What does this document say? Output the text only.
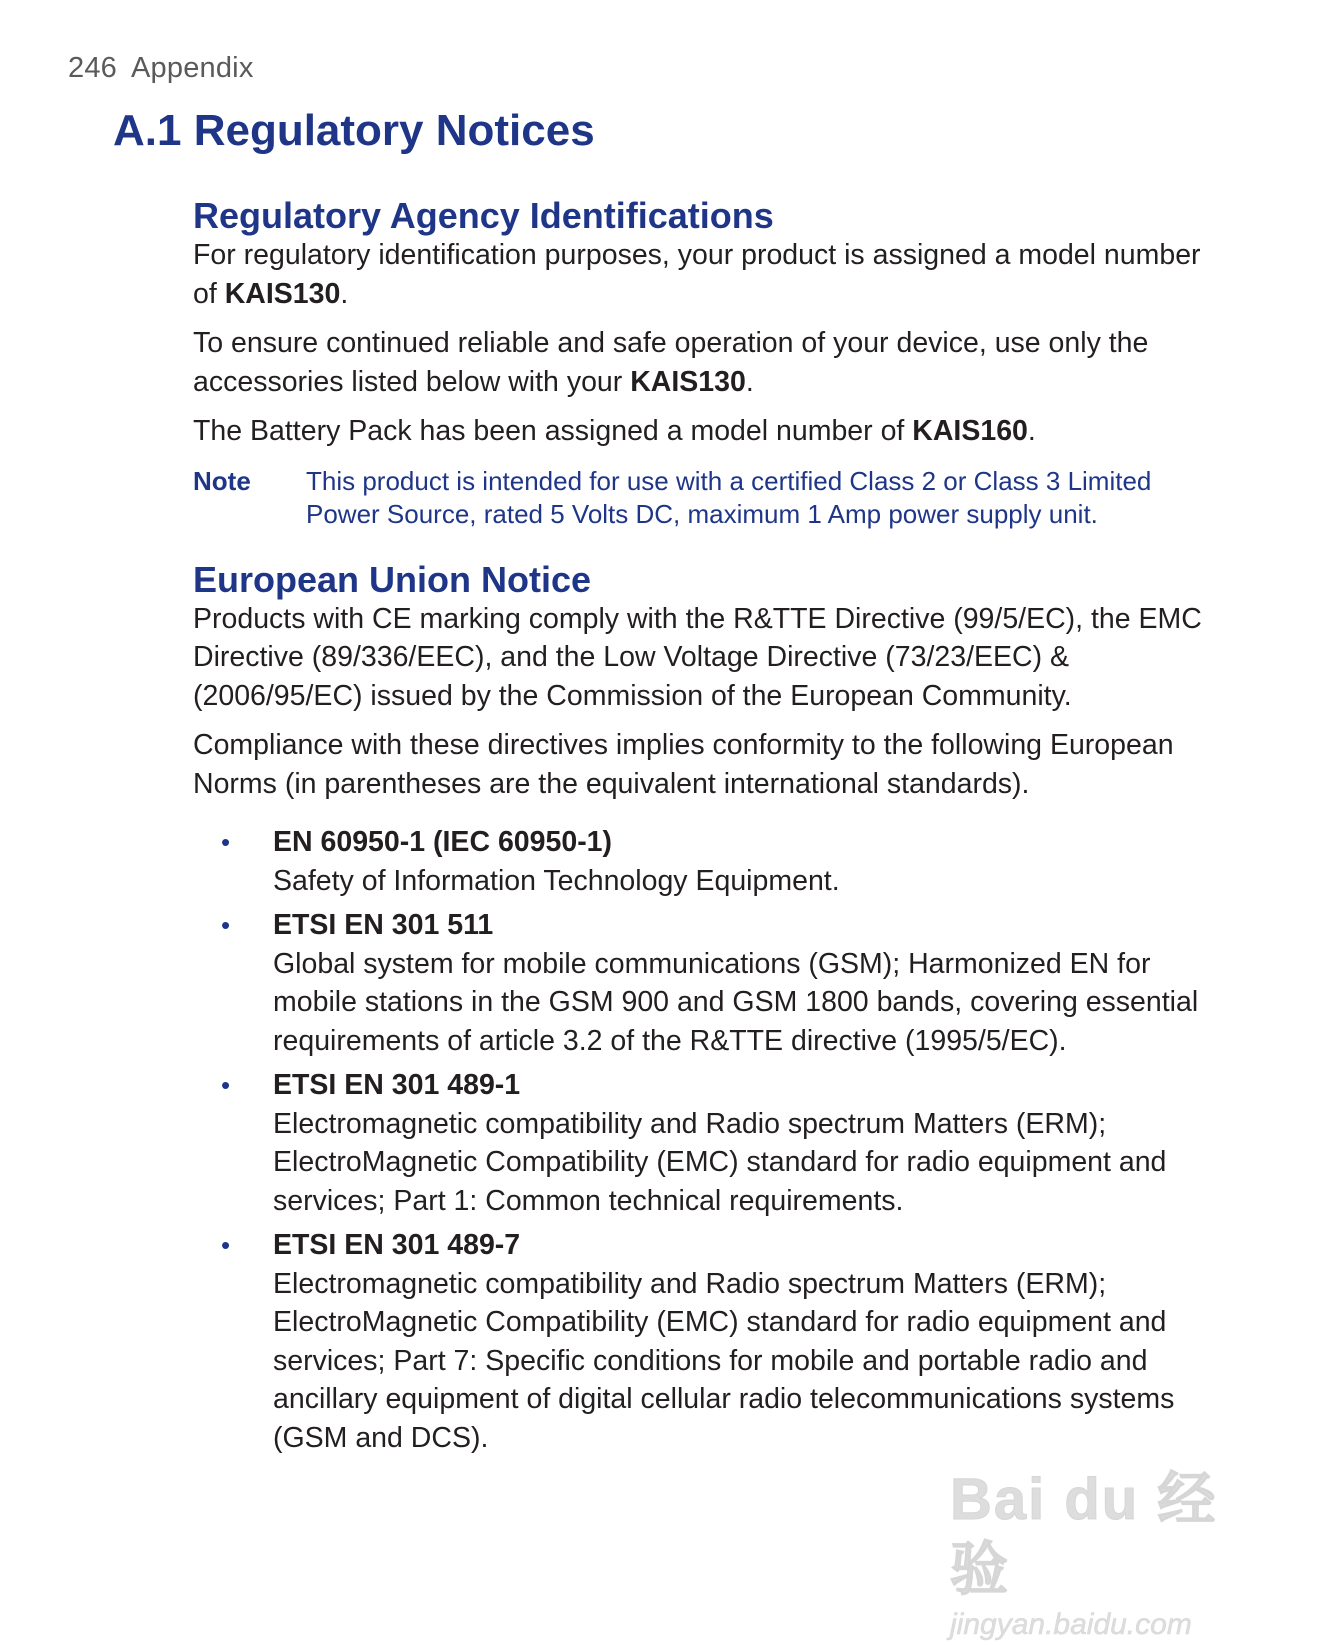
246 Appendix
A.1 Regulatory Notices
Regulatory Agency Identifications

For regulatory identification purposes, your product is assigned a model number of KAIS130.

To ensure continued reliable and safe operation of your device, use only the accessories listed below with your KAIS130.

The Battery Pack has been assigned a model number of KAIS160.

Note	This product is intended for use with a certified Class 2 or Class 3 Limited Power Source, rated 5 Volts DC, maximum 1 Amp power supply unit.
European Union Notice

Products with CE marking comply with the R&TTE Directive (99/5/EC), the EMC Directive (89/336/EEC), and the Low Voltage Directive (73/23/EEC) & (2006/95/EC) issued by the Commission of the European Community.

Compliance with these directives implies conformity to the following European Norms (in parentheses are the equivalent international standards).

• EN 60950-1 (IEC 60950-1)
Safety of Information Technology Equipment.
• ETSI EN 301 511
Global system for mobile communications (GSM); Harmonized EN for mobile stations in the GSM 900 and GSM 1800 bands, covering essential requirements of article 3.2 of the R&TTE directive (1995/5/EC).
• ETSI EN 301 489-1
Electromagnetic compatibility and Radio spectrum Matters (ERM); ElectroMagnetic Compatibility (EMC) standard for radio equipment and services; Part 1: Common technical requirements.
• ETSI EN 301 489-7
Electromagnetic compatibility and Radio spectrum Matters (ERM); ElectroMagnetic Compatibility (EMC) standard for radio equipment and services; Part 7: Specific conditions for mobile and portable radio and ancillary equipment of digital cellular radio telecommunications systems (GSM and DCS).
Bai du 经验
jingyan.baidu.com
